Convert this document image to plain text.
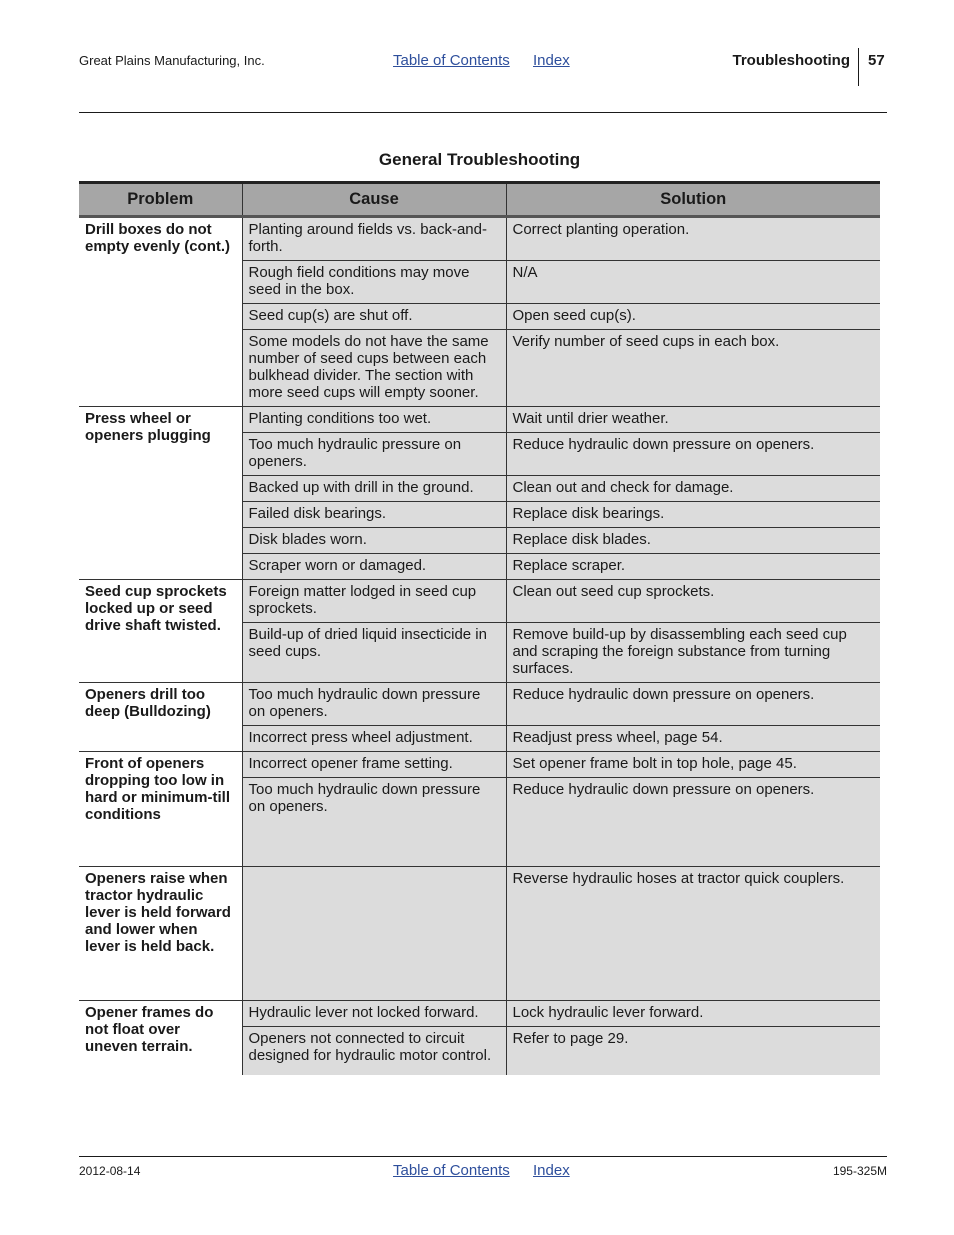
Great Plains Manufacturing, Inc.	Table of Contents Index	Troubleshooting 57
General Troubleshooting
Problem	Cause	Solution
Drill boxes do not empty evenly (cont.)	Planting around fields vs. back-and-forth.	Correct planting operation.
	Rough field conditions may move seed in the box.	N/A
	Seed cup(s) are shut off.	Open seed cup(s).
	Some models do not have the same number of seed cups between each bulkhead divider. The section with more seed cups will empty sooner.	Verify number of seed cups in each box.
Press wheel or openers plugging	Planting conditions too wet.	Wait until drier weather.
	Too much hydraulic pressure on openers.	Reduce hydraulic down pressure on openers.
	Backed up with drill in the ground.	Clean out and check for damage.
	Failed disk bearings.	Replace disk bearings.
	Disk blades worn.	Replace disk blades.
	Scraper worn or damaged.	Replace scraper.
Seed cup sprockets locked up or seed drive shaft twisted.	Foreign matter lodged in seed cup sprockets.	Clean out seed cup sprockets.
	Build-up of dried liquid insecticide in seed cups.	Remove build-up by disassembling each seed cup and scraping the foreign substance from turning surfaces.
Openers drill too deep (Bulldozing)	Too much hydraulic down pressure on openers.	Reduce hydraulic down pressure on openers.
	Incorrect press wheel adjustment.	Readjust press wheel, page 54.
Front of openers dropping too low in hard or minimum-till conditions	Incorrect opener frame setting.	Set opener frame bolt in top hole, page 45.
	Too much hydraulic down pressure on openers.	Reduce hydraulic down pressure on openers.
Openers raise when tractor hydraulic lever is held forward and lower when lever is held back.		Reverse hydraulic hoses at tractor quick couplers.
Opener frames do not float over uneven terrain.	Hydraulic lever not locked forward.	Lock hydraulic lever forward.
	Openers not connected to circuit designed for hydraulic motor control.	Refer to page 29.
2012-08-14	Table of Contents Index	195-325M
